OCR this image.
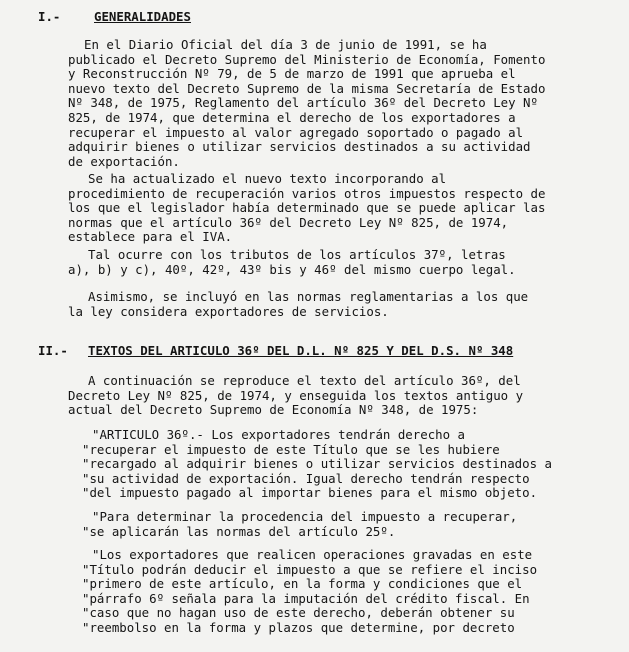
I.-	GENERALIDADES
En el Diario Oficial del día 3 de junio de 1991, se ha
publicado el Decreto Supremo del Ministerio de Economía, Fomento
y Reconstrucción Nº 79, de 5 de marzo de 1991 que aprueba el
nuevo texto del Decreto Supremo de la misma Secretaría de Estado
Nº 348, de 1975, Reglamento del artículo 36º del Decreto Ley Nº
825, de 1974, que determina el derecho de los exportadores a
recuperar el impuesto al valor agregado soportado o pagado al
adquirir bienes o utilizar servicios destinados a su actividad
de exportación.
Se ha actualizado el nuevo texto incorporando al
procedimiento de recuperación varios otros impuestos respecto de
los que el legislador había determinado que se puede aplicar las
normas que el artículo 36º del Decreto Ley Nº 825, de 1974,
establece para el IVA.
Tal ocurre con los tributos de los artículos 37º, letras
a), b) y c), 40º, 42º, 43º bis y 46º del mismo cuerpo legal.
Asimismo, se incluyó en las normas reglamentarias a los que
la ley considera exportadores de servicios.
II.- TEXTOS DEL ARTICULO 36º DEL D.L. Nº 825 Y DEL D.S. Nº 348
A continuación se reproduce el texto del artículo 36º, del
Decreto Ley Nº 825, de 1974, y enseguida los textos antiguo y
actual del Decreto Supremo de Economía Nº 348, de 1975:
"ARTICULO 36º.- Los exportadores tendrán derecho a
"recuperar el impuesto de este Título que se les hubiere
"recargado al adquirir bienes o utilizar servicios destinados a
"su actividad de exportación. Igual derecho tendrán respecto
"del impuesto pagado al importar bienes para el mismo objeto.
"Para determinar la procedencia del impuesto a recuperar,
"se aplicarán las normas del artículo 25º.
"Los exportadores que realicen operaciones gravadas en este
"Título podrán deducir el impuesto a que se refiere el inciso
"primero de este artículo, en la forma y condiciones que el
"párrafo 6º señala para la imputación del crédito fiscal. En
"caso que no hagan uso de este derecho, deberán obtener su
"reembolso en la forma y plazos que determine, por decreto
